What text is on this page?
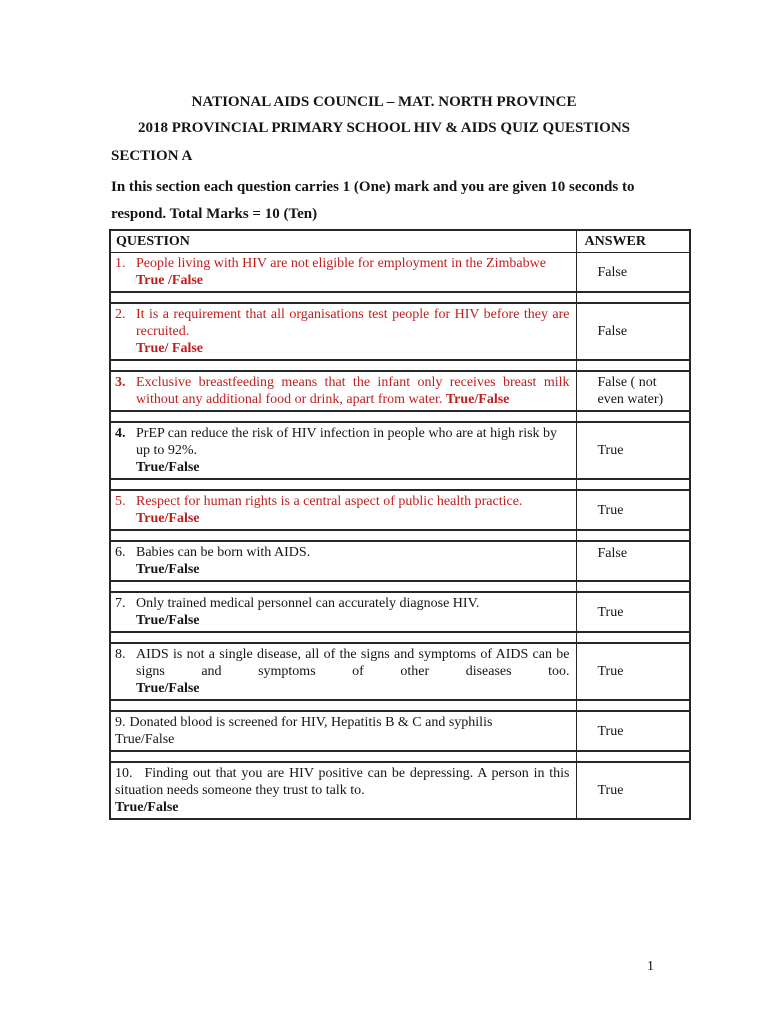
NATIONAL AIDS COUNCIL – MAT. NORTH PROVINCE
2018 PROVINCIAL PRIMARY SCHOOL HIV & AIDS QUIZ QUESTIONS
SECTION A
In this section each question carries 1 (One) mark and you are given 10 seconds to
respond. Total Marks = 10 (Ten)
QUESTION	ANSWER

1. People living with HIV are not eligible for employment in the Zimbabwe
True /False	False

2. It is a requirement that all organisations test people for HIV before they are recruited.
True/ False	False

3. Exclusive breastfeeding means that the infant only receives breast milk without any additional food or drink, apart from water. True/False	False ( not even water)

4. PrEP can reduce the risk of HIV infection in people who are at high risk by up to 92%.
True/False	True

5. Respect for human rights is a central aspect of public health practice.
True/False	True

6. Babies can be born with AIDS.
True/False	False

7. Only trained medical personnel can accurately diagnose HIV.
True/False	True

8. AIDS is not a single disease, all of the signs and symptoms of AIDS can be signs and symptoms of other diseases too.
True/False	True

9. Donated blood is screened for HIV, Hepatitis B & C and syphilis
True/False	True

10. Finding out that you are HIV positive can be depressing. A person in this situation needs someone they trust to talk to.
True/False	True
1
